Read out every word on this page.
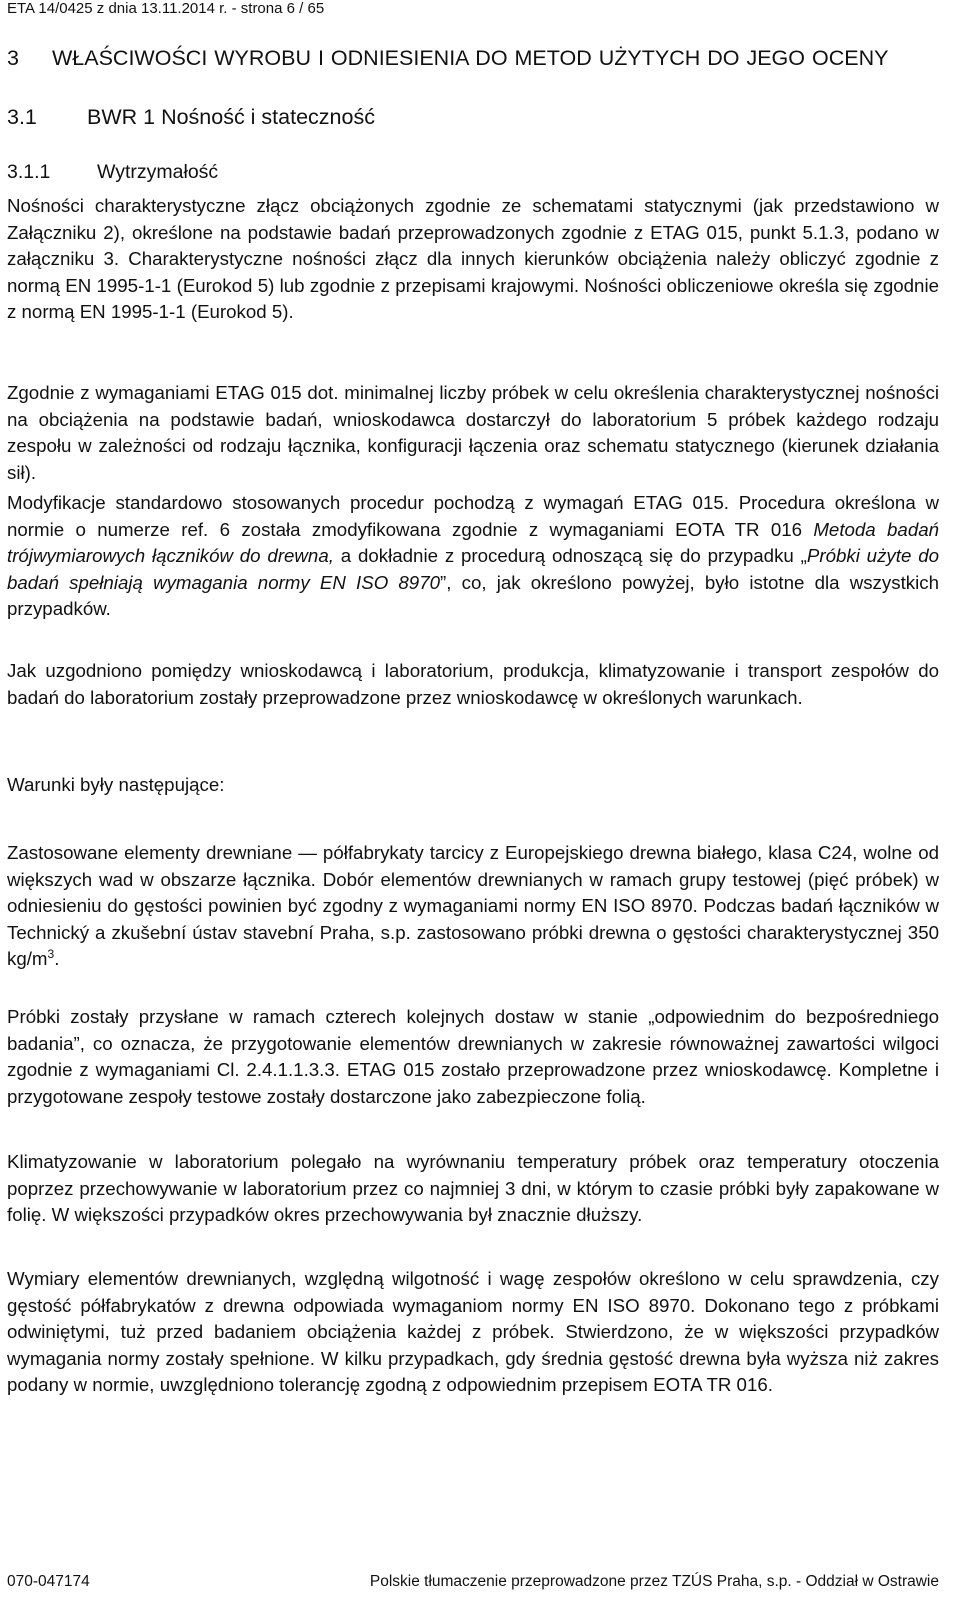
ETA 14/0425 z dnia 13.11.2014 r. - strona 6 / 65
3 WŁAŚCIWOŚCI WYROBU I ODNIESIENIA DO METOD UŻYTYCH DO JEGO OCENY
3.1 BWR 1 Nośność i stateczność
3.1.1 Wytrzymałość

Nośności charakterystyczne złącz obciążonych zgodnie ze schematami statycznymi (jak przedstawiono w Załączniku 2), określone na podstawie badań przeprowadzonych zgodnie z ETAG 015, punkt 5.1.3, podano w załączniku 3. Charakterystyczne nośności złącz dla innych kierunków obciążenia należy obliczyć zgodnie z normą EN 1995-1-1 (Eurokod 5) lub zgodnie z przepisami krajowymi. Nośności obliczeniowe określa się zgodnie z normą EN 1995-1-1 (Eurokod 5).

Zgodnie z wymaganiami ETAG 015 dot. minimalnej liczby próbek w celu określenia charakterystycznej nośności na obciążenia na podstawie badań, wnioskodawca dostarczył do laboratorium 5 próbek każdego rodzaju zespołu w zależności od rodzaju łącznika, konfiguracji łączenia oraz schematu statycznego (kierunek działania sił).

Modyfikacje standardowo stosowanych procedur pochodzą z wymagań ETAG 015. Procedura określona w normie o numerze ref. 6 została zmodyfikowana zgodnie z wymaganiami EOTA TR 016 Metoda badań trójwymiarowych łączników do drewna, a dokładnie z procedurą odnoszącą się do przypadku „Próbki użyte do badań spełniają wymagania normy EN ISO 8970”, co, jak określono powyżej, było istotne dla wszystkich przypadków.

Jak uzgodniono pomiędzy wnioskodawcą i laboratorium, produkcja, klimatyzowanie i transport zespołów do badań do laboratorium zostały przeprowadzone przez wnioskodawcę w określonych warunkach.

Warunki były następujące:

Zastosowane elementy drewniane — półfabrykaty tarcicy z Europejskiego drewna białego, klasa C24, wolne od większych wad w obszarze łącznika. Dobór elementów drewnianych w ramach grupy testowej (pięć próbek) w odniesieniu do gęstości powinien być zgodny z wymaganiami normy EN ISO 8970. Podczas badań łączników w Technický a zkušební ústav stavební Praha, s.p. zastosowano próbki drewna o gęstości charakterystycznej 350 $kg/m^3$.

Próbki zostały przysłane w ramach czterech kolejnych dostaw w stanie „odpowiednim do bezpośredniego badania”, co oznacza, że przygotowanie elementów drewnianych w zakresie równoważnej zawartości wilgoci zgodnie z wymaganiami Cl. 2.4.1.1.3.3. ETAG 015 zostało przeprowadzone przez wnioskodawcę. Kompletne i przygotowane zespoły testowe zostały dostarczone jako zabezpieczone folią.

Klimatyzowanie w laboratorium polegało na wyrównaniu temperatury próbek oraz temperatury otoczenia poprzez przechowywanie w laboratorium przez co najmniej 3 dni, w którym to czasie próbki były zapakowane w folię. W większości przypadków okres przechowywania był znacznie dłuższy.

Wymiary elementów drewnianych, względną wilgotność i wagę zespołów określono w celu sprawdzenia, czy gęstość półfabrykatów z drewna odpowiada wymaganiom normy EN ISO 8970. Dokonano tego z próbkami odwiniętymi, tuż przed badaniem obciążenia każdej z próbek. Stwierdzono, że w większości przypadków wymagania normy zostały spełnione. W kilku przypadkach, gdy średnia gęstość drewna była wyższa niż zakres podany w normie, uwzględniono tolerancję zgodną z odpowiednim przepisem EOTA TR 016.

070-047174	Polskie tłumaczenie przeprowadzone przez TZÚS Praha, s.p. - Oddział w Ostrawie
